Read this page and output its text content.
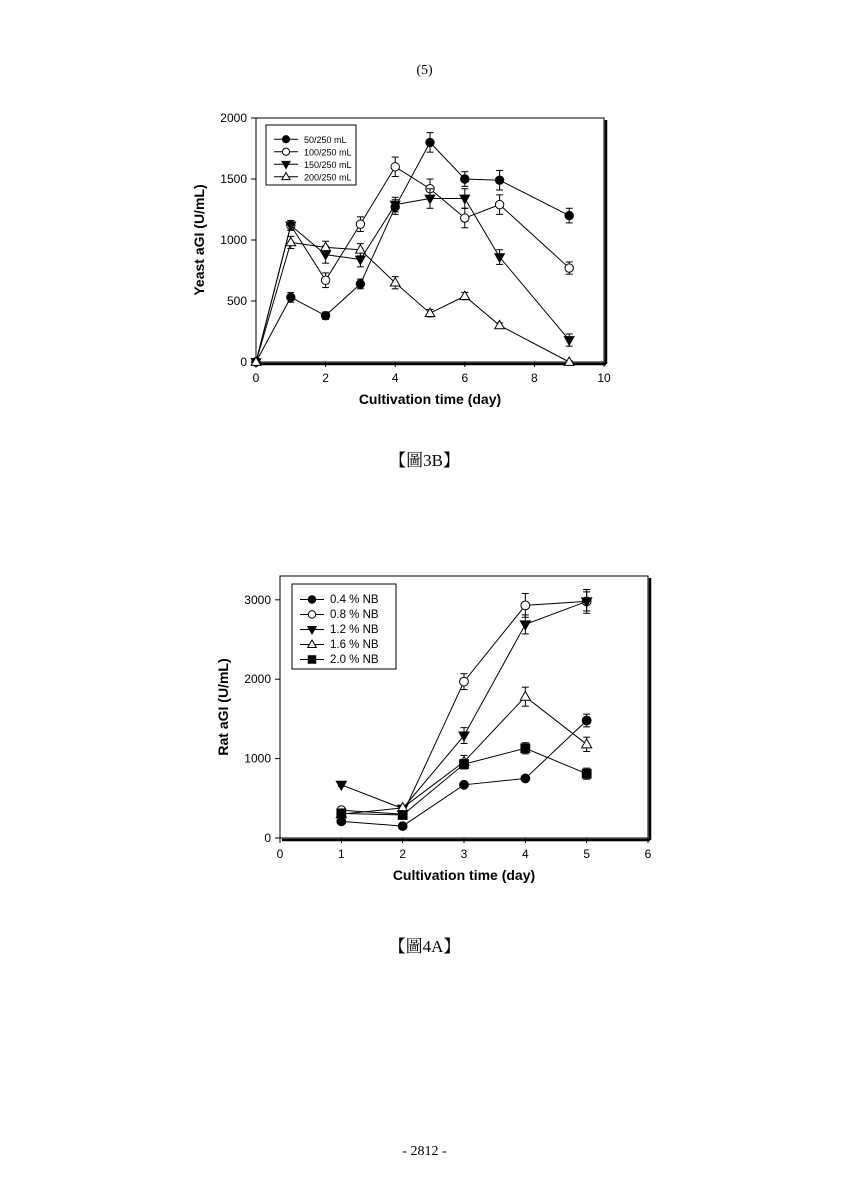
(5)
0	2	4	6	8	10
0
500
1000
1500
2000
Cultivation time (day)
Yeast aGI (U/mL)
50/250 mL
100/250 mL
150/250 mL
200/250 mL
【圖3B】
0	1	2	3	4	5	6
0
1000
2000
3000
Cultivation time (day)
Rat aGI (U/mL)
0.4 % NB
0.8 % NB
1.2 % NB
1.6 % NB
2.0 % NB
【圖4A】
- 2812 -
